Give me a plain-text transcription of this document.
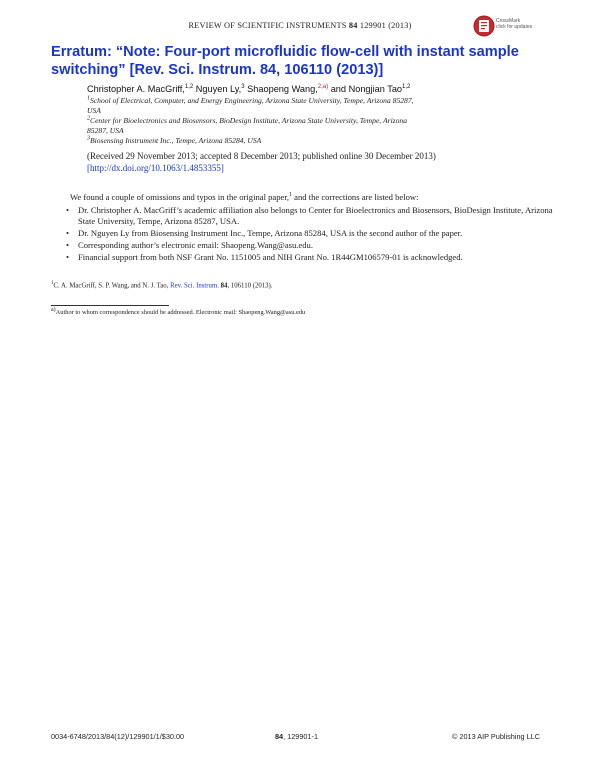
REVIEW OF SCIENTIFIC INSTRUMENTS 84 129901 (2013)	CrossMark
click for updates
Erratum: “Note: Four-port microfluidic flow-cell with instant sample switching” [Rev. Sci. Instrum. 84, 106110 (2013)]
Christopher A. MacGriff,$^{1,2}$ Nguyen Ly,$^3$ Shaopeng Wang,$^{2,a)}$ and Nongjian Tao$^{1,2}$
$^1$School of Electrical, Computer, and Energy Engineering, Arizona State University, Tempe, Arizona 85287, USA
$^2$Center for Bioelectronics and Biosensors, BioDesign Institute, Arizona State University, Tempe, Arizona 85287, USA
$^3$Biosensing Instrument Inc., Tempe, Arizona 85284, USA
(Received 29 November 2013; accepted 8 December 2013; published online 30 December 2013)
[http://dx.doi.org/10.1063/1.4853355]
We found a couple of omissions and typos in the original paper,$^1$ and the corrections are listed below:
• Dr. Christopher A. MacGriff’s academic affiliation also belongs to Center for Bioelectronics and Biosensors, BioDesign Institute, Arizona State University, Tempe, Arizona 85287, USA.
• Dr. Nguyen Ly from Biosensing Instrument Inc., Tempe, Arizona 85284, USA is the second author of the paper.
• Corresponding author’s electronic email: Shaopeng.Wang@asu.edu.
• Financial support from both NSF Grant No. 1151005 and NIH Grant No. 1R44GM106579-01 is acknowledged.
$^1$C. A. MacGriff, S. P. Wang, and N. J. Tao, Rev. Sci. Instrum. 84, 106110 (2013).
$^{a)}$Author to whom correspondence should be addressed. Electronic mail: Shaopeng.Wang@asu.edu
0034-6748/2013/84(12)/129901/1/$30.00	84, 129901-1	© 2013 AIP Publishing LLC
